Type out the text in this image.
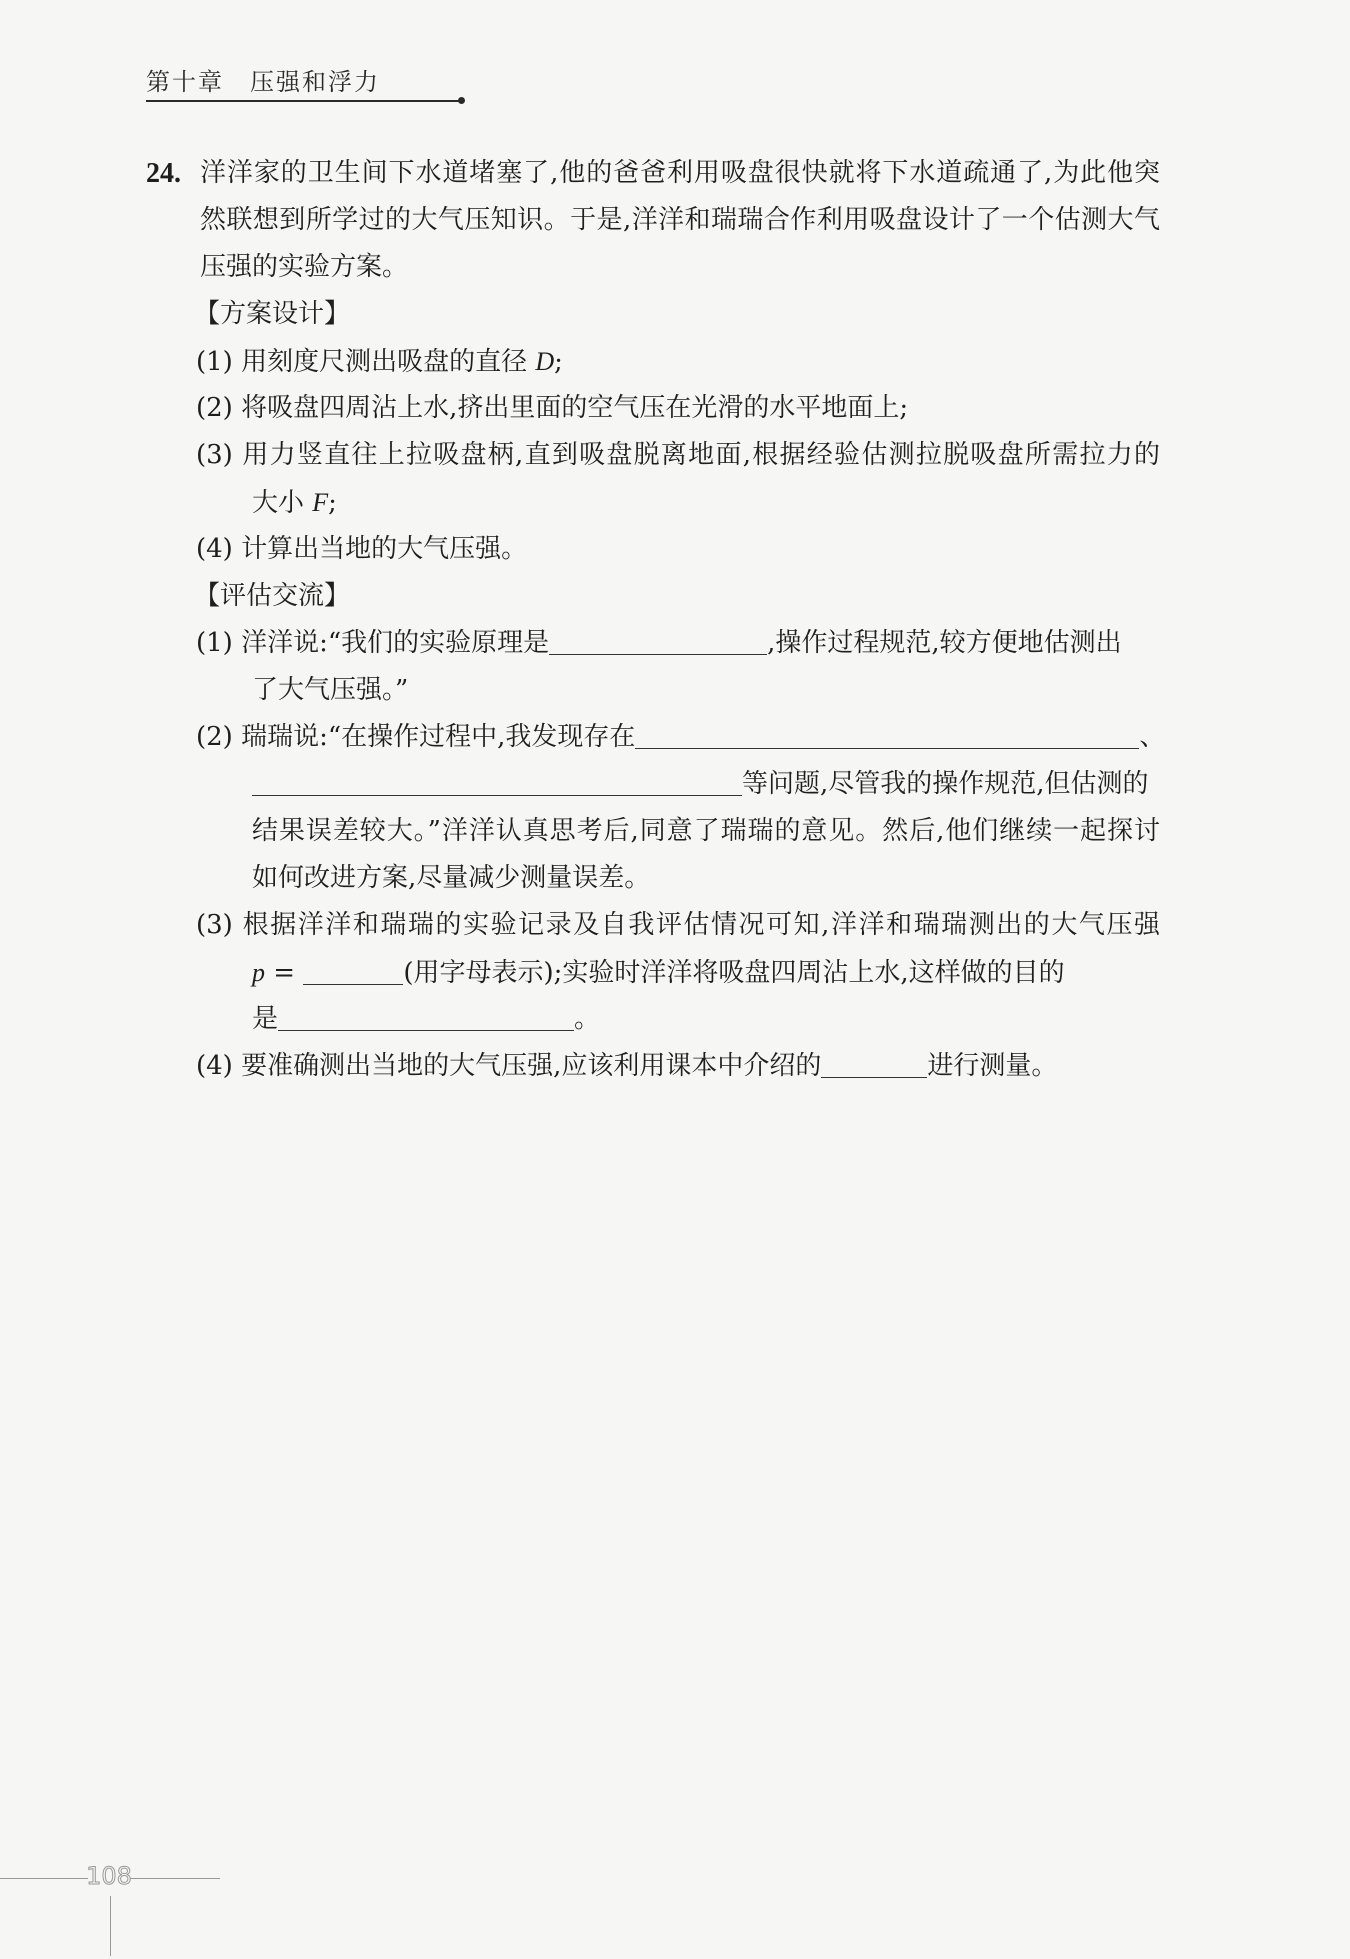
第十章　压强和浮力
24. 洋洋家的卫生间下水道堵塞了,他的爸爸利用吸盘很快就将下水道疏通了,为此他突
然联想到所学过的大气压知识。于是,洋洋和瑞瑞合作利用吸盘设计了一个估测大气
压强的实验方案。
【方案设计】
(1) 用刻度尺测出吸盘的直径 D;
(2) 将吸盘四周沾上水,挤出里面的空气压在光滑的水平地面上;
(3) 用力竖直往上拉吸盘柄,直到吸盘脱离地面,根据经验估测拉脱吸盘所需拉力的
大小 F;
(4) 计算出当地的大气压强。
【评估交流】
(1) 洋洋说:“我们的实验原理是	,操作过程规范,较方便地估测出
了大气压强。”
(2) 瑞瑞说:“在操作过程中,我发现存在	、
等问题,尽管我的操作规范,但估测的
结果误差较大。”洋洋认真思考后,同意了瑞瑞的意见。然后,他们继续一起探讨
如何改进方案,尽量减少测量误差。
(3) 根据洋洋和瑞瑞的实验记录及自我评估情况可知,洋洋和瑞瑞测出的大气压强
p =	(用字母表示);实验时洋洋将吸盘四周沾上水,这样做的目的
是	。
(4) 要准确测出当地的大气压强,应该利用课本中介绍的	进行测量。
108
